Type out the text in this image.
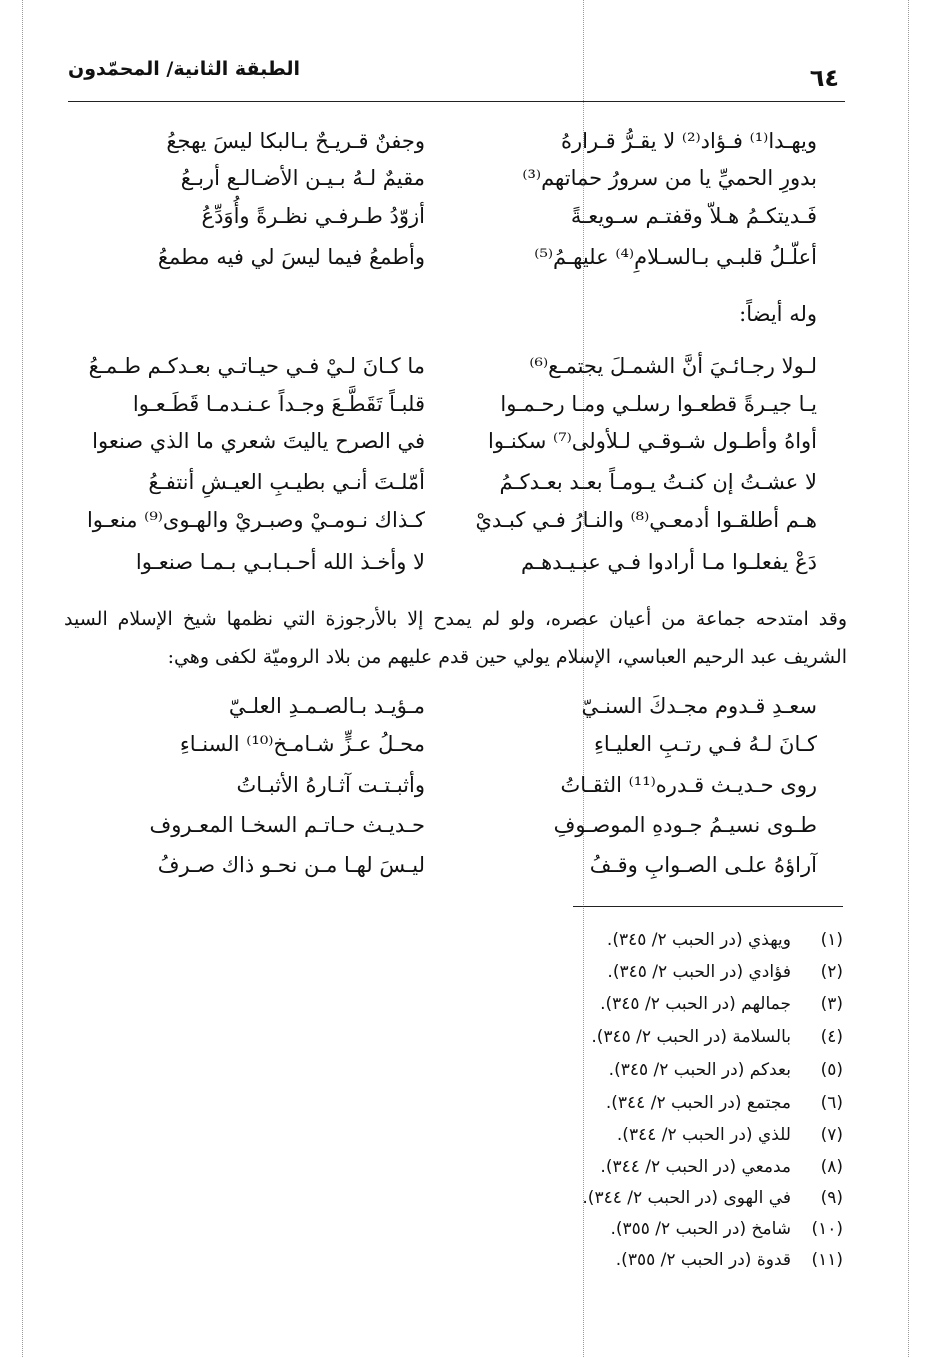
الطبقة الثانية/ المحمّدون	٦٤
ويهـدا⁽¹⁾ فـؤاد⁽²⁾ لا يقـرُّ قـرارهُ
وجفنٌ قـريـحٌ بـالبكا ليسَ يهجعُ
بدورِ الحميِّ يا من سرورُ حماتهم⁽³⁾
مقيمٌ لـهُ بـيـن الأضـالـع أربـعُ
فَـديتكـمُ هـلاّ وقفتـم سـويعـةً
أزوّدُ طـرفـي نظـرةً وأُوَدِّعُ
أعلّـلُ قلبـي بـالسـلامِ⁽⁴⁾ عليهـمُ⁽⁵⁾
وأطمعُ فيما ليسَ لي فيه مطمعُ
وله أيضاً:
لـولا رجـائـيَ أنَّ الشمـلَ يجتمـع⁽⁶⁾
ما كـانَ لـيْ فـي حيـاتـي بعـدكـم طـمـعُ
يـا جيـرةً قطعـوا رسلـي ومـا رحـمـوا
قلبـاً تَقَطَّـعَ وجـداً عـنـدمـا قَطَـعـوا
أواهُ وأطـول شـوقـي لـلأولى⁽⁷⁾ سكنـوا
في الصرح ياليتَ شعري ما الذي صنعوا
لا عشـتُ إن كنـتُ يـومـاً بعـد بعـدكـمُ
أمّلـتَ أنـي بطيـبِ العيـشِ أنتفـعُ
هـم أطلقـوا أدمعـي⁽⁸⁾ والنـارُ فـي كبـديْ
كـذاك نـومـيْ وصبـريْ والهـوى⁽⁹⁾ منعـوا
دَعْ يفعلـوا مـا أرادوا فـي عبـيـدهـم
لا وأخـذ الله أحـبـابـي بـمـا صنعـوا
وقد امتدحه جماعة من أعيان عصره، ولو لم يمدح إلا بالأرجوزة التي نظمها شيخ الإسلام السيد الشريف عبد الرحيم العباسي، الإسلام يولي حين قدم عليهم من بلاد الروميّة لكفى وهي:
سعـدِ قـدوم مجـدكَ السنـيّ
مـؤيـد بـالصـمـدِ العلـيّ
كـانَ لـهُ فـي رتـبِ العليـاءِ
محـلُ عـزٍّ شـامـخ⁽¹⁰⁾ السنـاءِ
روى حـديـث قـدره⁽¹¹⁾ الثقـاتُ
وأثبـتـت آثـارهُ الأثبـاتُ
طـوى نسيـمُ جـودهِ الموصـوفِ
حـديـث حـاتـم السخـا المعـروف
آراؤهُ علـى الصـوابِ وقـفُ
ليـسَ لهـا مـن نحـو ذاك صـرفُ
(١)ويهذي (در الحبب ٢/ ٣٤٥).
(٢)فؤادي (در الحبب ٢/ ٣٤٥).
(٣)جمالهم (در الحبب ٢/ ٣٤٥).
(٤)بالسلامة (در الحبب ٢/ ٣٤٥).
(٥)بعدكم (در الحبب ٢/ ٣٤٥).
(٦)مجتمع (در الحبب ٢/ ٣٤٤).
(٧)للذي (در الحبب ٢/ ٣٤٤).
(٨)مدمعي (در الحبب ٢/ ٣٤٤).
(٩)في الهوى (در الحبب ٢/ ٣٤٤).
(١٠)شامخ (در الحبب ٢/ ٣٥٥).
(١١)قدوة (در الحبب ٢/ ٣٥٥).
